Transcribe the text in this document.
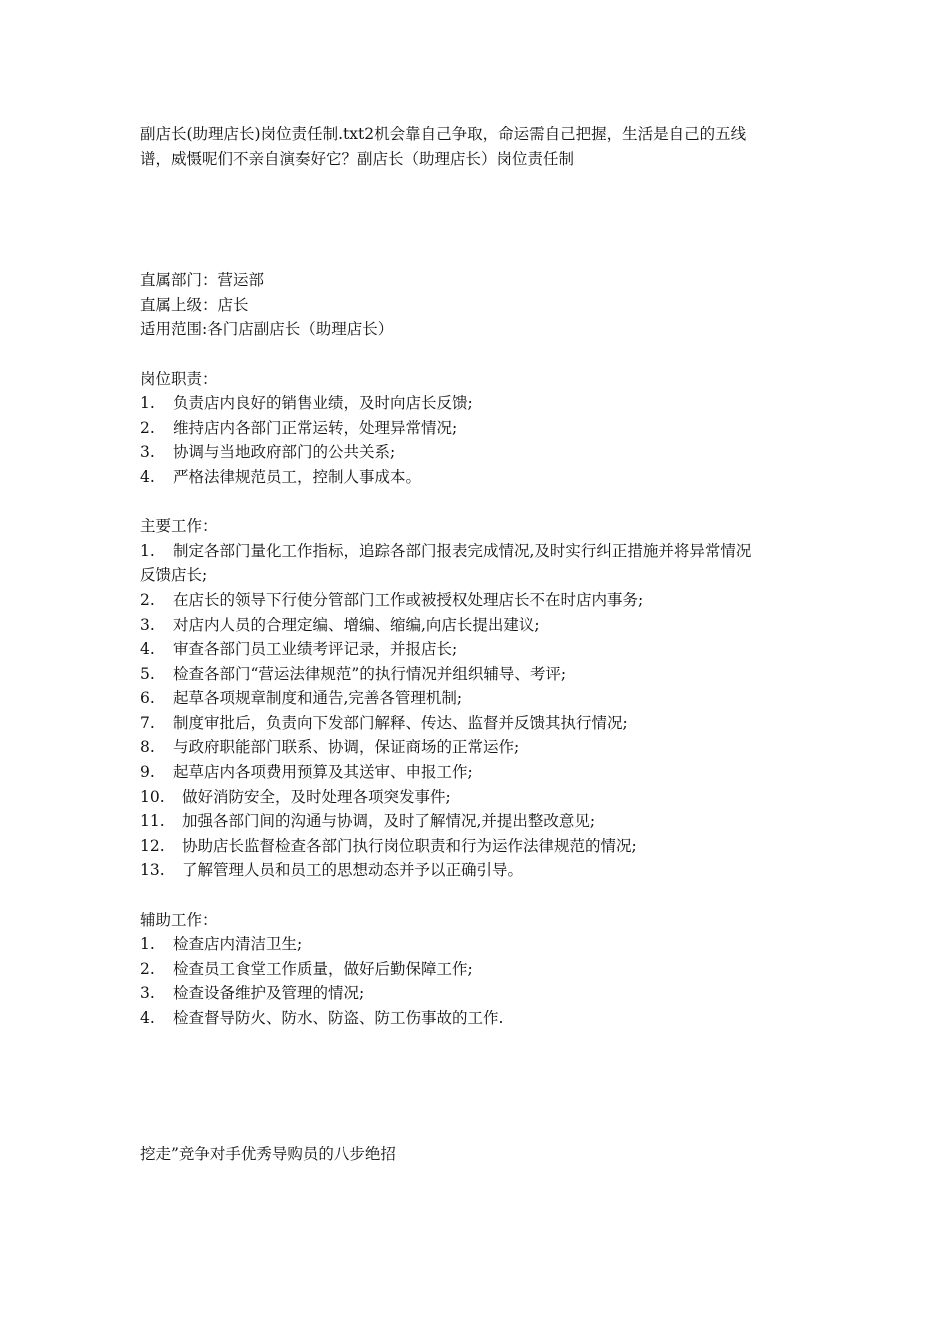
副店长(助理店长)岗位责任制.txt2机会靠自己争取，命运需自己把握，生活是自己的五线
谱，威慑呢们不亲自演奏好它？副店长（助理店长）岗位责任制
直属部门：营运部
直属上级：店长
适用范围:各门店副店长（助理店长）
岗位职责：
1. 负责店内良好的销售业绩，及时向店长反馈;
2. 维持店内各部门正常运转，处理异常情况;
3. 协调与当地政府部门的公共关系;
4. 严格法律规范员工，控制人事成本。
主要工作：
1. 制定各部门量化工作指标，追踪各部门报表完成情况,及时实行纠正措施并将异常情况
反馈店长;
2. 在店长的领导下行使分管部门工作或被授权处理店长不在时店内事务;
3. 对店内人员的合理定编、增编、缩编,向店长提出建议;
4. 审查各部门员工业绩考评记录，并报店长;
5. 检查各部门“营运法律规范”的执行情况并组织辅导、考评;
6. 起草各项规章制度和通告,完善各管理机制;
7. 制度审批后，负责向下发部门解释、传达、监督并反馈其执行情况;
8. 与政府职能部门联系、协调，保证商场的正常运作;
9. 起草店内各项费用预算及其送审、申报工作;
10. 做好消防安全，及时处理各项突发事件;
11. 加强各部门间的沟通与协调，及时了解情况,并提出整改意见;
12. 协助店长监督检查各部门执行岗位职责和行为运作法律规范的情况;
13. 了解管理人员和员工的思想动态并予以正确引导。
辅助工作：
1. 检查店内清洁卫生;
2. 检查员工食堂工作质量，做好后勤保障工作;
3. 检查设备维护及管理的情况;
4. 检查督导防火、防水、防盗、防工伤事故的工作.
挖走”竞争对手优秀导购员的八步绝招
